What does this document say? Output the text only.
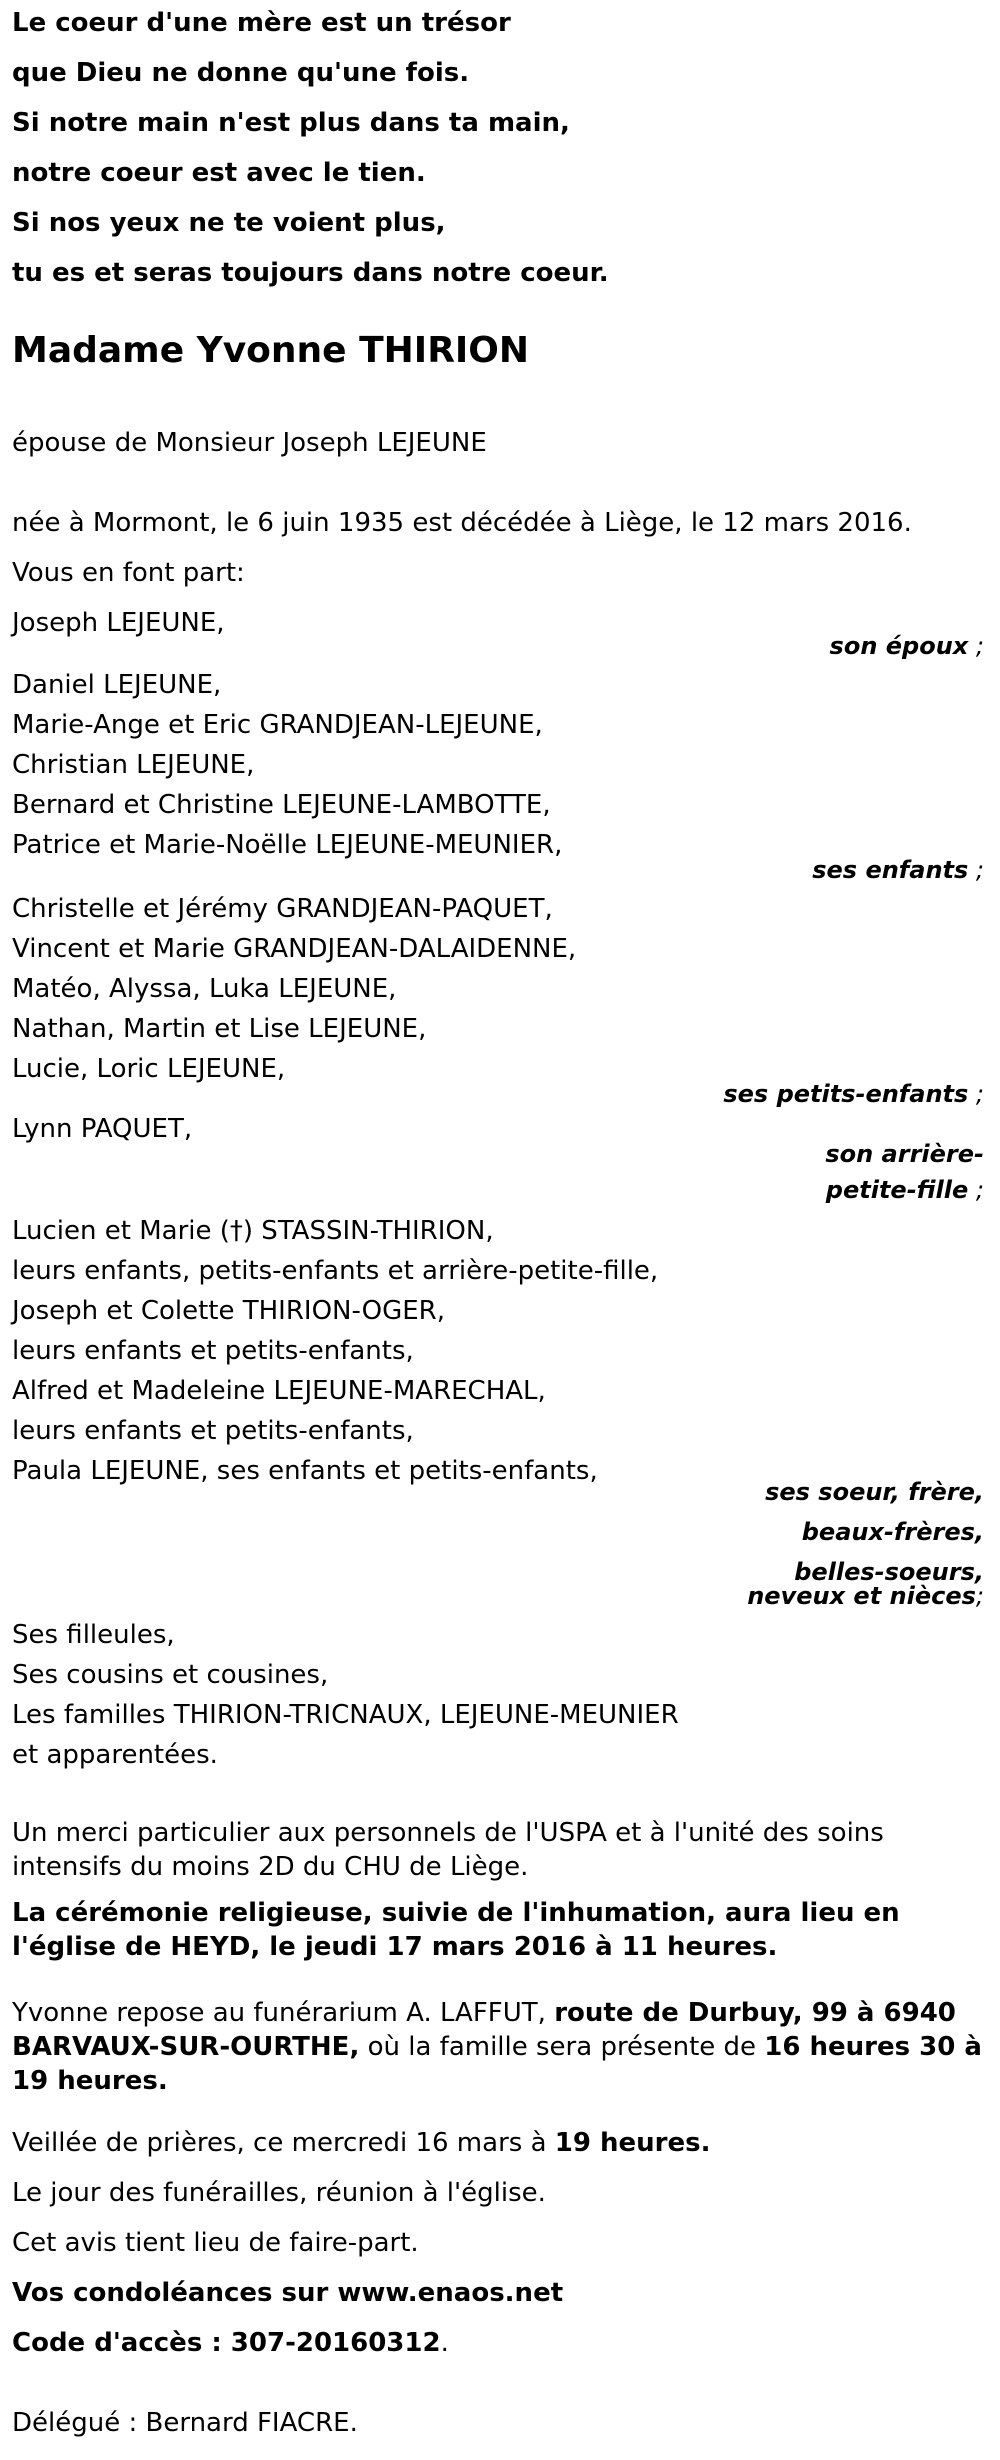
Le coeur d'une mère est un trésor
que Dieu ne donne qu'une fois.
Si notre main n'est plus dans ta main,
notre coeur est avec le tien.
Si nos yeux ne te voient plus,
tu es et seras toujours dans notre coeur.
Madame Yvonne THIRION
épouse de Monsieur Joseph LEJEUNE
née à Mormont, le 6 juin 1935 est décédée à Liège, le 12 mars 2016.
Vous en font part:
Joseph LEJEUNE,
son époux ;
Daniel LEJEUNE,
Marie-Ange et Eric GRANDJEAN-LEJEUNE,
Christian LEJEUNE,
Bernard et Christine LEJEUNE-LAMBOTTE,
Patrice et Marie-Noëlle LEJEUNE-MEUNIER,
ses enfants ;
Christelle et Jérémy GRANDJEAN-PAQUET,
Vincent et Marie GRANDJEAN-DALAIDENNE,
Matéo, Alyssa, Luka LEJEUNE,
Nathan, Martin et Lise LEJEUNE,
Lucie, Loric LEJEUNE,
ses petits-enfants ;
Lynn PAQUET,
son arrière-
petite-fille ;
Lucien et Marie (†) STASSIN-THIRION,
leurs enfants, petits-enfants et arrière-petite-fille,
Joseph et Colette THIRION-OGER,
leurs enfants et petits-enfants,
Alfred et Madeleine LEJEUNE-MARECHAL,
leurs enfants et petits-enfants,
Paula LEJEUNE, ses enfants et petits-enfants,
ses soeur, frère,
beaux-frères,
belles-soeurs,
neveux et nièces;
Ses filleules,
Ses cousins et cousines,
Les familles THIRION-TRICNAUX, LEJEUNE-MEUNIER
et apparentées.
Un merci particulier aux personnels de l'USPA et à l'unité des soins intensifs du moins 2D du CHU de Liège.
La cérémonie religieuse, suivie de l'inhumation, aura lieu en l'église de HEYD, le jeudi 17 mars 2016 à 11 heures.
Yvonne repose au funérarium A. LAFFUT, route de Durbuy, 99 à 6940 BARVAUX-SUR-OURTHE, où la famille sera présente de 16 heures 30 à 19 heures.
Veillée de prières, ce mercredi 16 mars à 19 heures.
Le jour des funérailles, réunion à l'église.
Cet avis tient lieu de faire-part.
Vos condoléances sur www.enaos.net
Code d'accès : 307-20160312.
Délégué : Bernard FIACRE.
